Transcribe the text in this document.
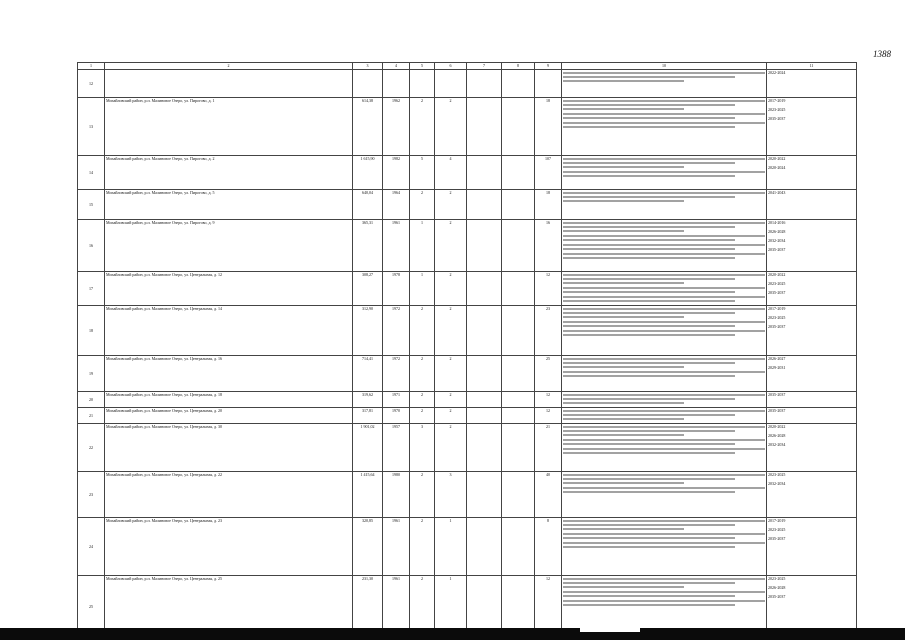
1388
1	2	3	4	5	6	7	8	9	10	11
12										2022-2024

13	Михайловский район, р.п. Малиновое Озеро, ул. Пирогово, д. 1	614,38	1962	2	2			18		2017-2019
2023-2025
2035-2037

14	Михайловский район, р.п. Малиновое Озеро, ул. Пирогово, д. 2	1 615,90	1982	5	4			107		2020-2022
2020-2024

15	Михайловский район, р.п. Малиновое Озеро, ул. Пирогово, д. 5	640,04	1964	2	2			18		2041-2043

16	Михайловский район, р.п. Малиновое Озеро, ул. Пирогово, д. 9	365,31	1961	1	2			16		2014-2016
2026-2028
2032-2034
2035-2037

17	Михайловский район, р.п. Малиновое Озеро, ул. Центральная, д. 12	308,27	1978	1	2			12		2020-2022
2023-2025
2035-2037

18	Михайловский район, р.п. Малиновое Озеро, ул. Центральная, д. 14	312,90	1972	2	2			23		2017-2019
2023-2025
2035-2037

19	Михайловский район, р.п. Малиновое Озеро, ул. Центральная, д. 16	714,41	1972	2	2			25		2026-2027
2029-2031

20	Михайловский район, р.п. Малиновое Озеро, ул. Центральная, д. 18	319,62	1971	2	2			12		2035-2037

21	Михайловский район, р.п. Малиновое Озеро, ул. Центральная, д. 20	317,81	1970	2	2			12		2035-2037

22	Михайловский район, р.п. Малиновое Озеро, ул. Центральная, д. 30	1 901,02	1957	3	2			21		2020-2022
2026-2028
2032-2034

23	Михайловский район, р.п. Малиновое Озеро, ул. Центральная, д. 22	1 415,64	1980	2	3			40		2023-2025
2032-2034

24	Михайловский район, р.п. Малиновое Озеро, ул. Центральная, д. 23	320,85	1961	2	1			8		2017-2019
2023-2025
2035-2037

25	Михайловский район, р.п. Малиновое Озеро, ул. Центральная, д. 25	231,30	1961	2	1			12		2023-2025
2026-2028
2035-2037
